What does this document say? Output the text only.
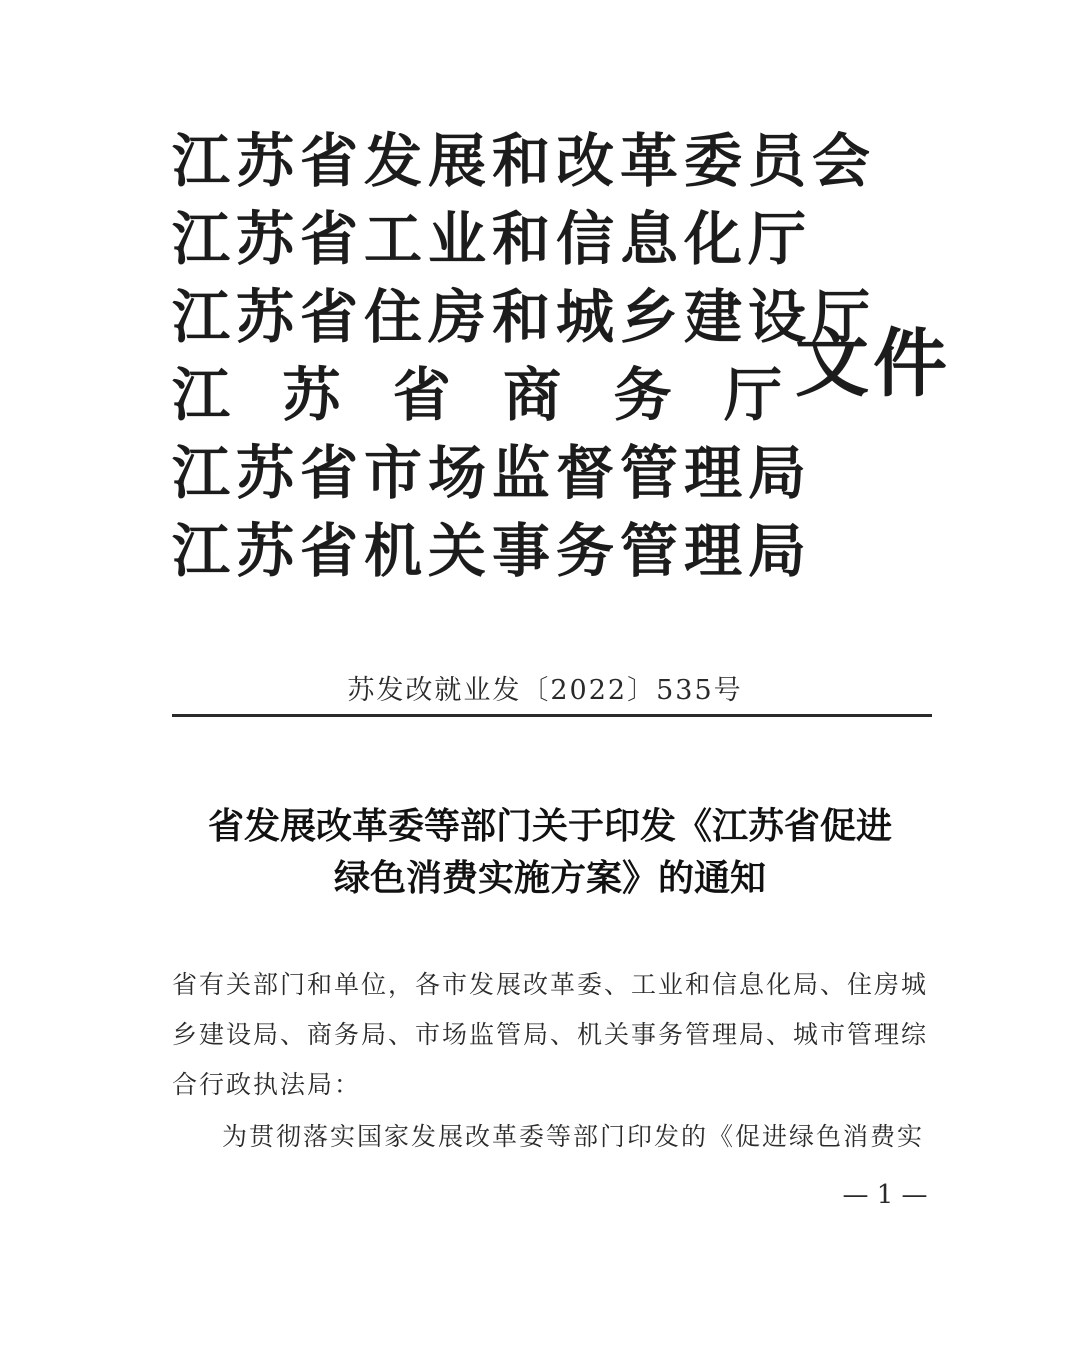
江苏省发展和改革委员会
江苏省工业和信息化厅
江苏省住房和城乡建设厅
江 苏 省 商 务 厅
江苏省市场监督管理局
江苏省机关事务管理局
文件
苏发改就业发〔2022〕535号
省发展改革委等部门关于印发《江苏省促进
绿色消费实施方案》的通知
省有关部门和单位，各市发展改革委、工业和信息化局、住房城
乡建设局、商务局、市场监管局、机关事务管理局、城市管理综
合行政执法局：
为贯彻落实国家发展改革委等部门印发的《促进绿色消费实
— 1 —
